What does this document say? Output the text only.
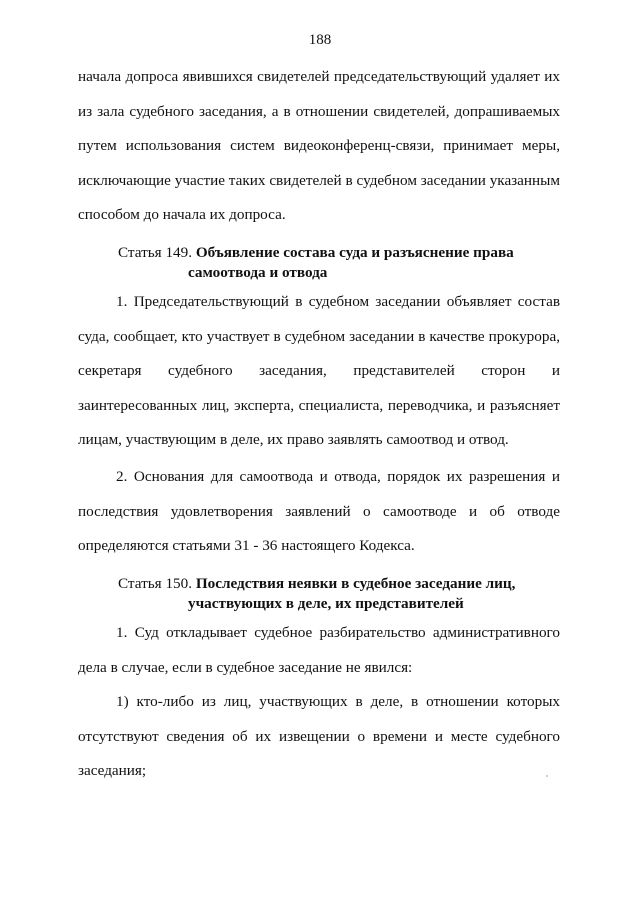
188
начала допроса явившихся свидетелей председательствующий удаляет их
из зала судебного заседания, а в отношении свидетелей, допрашиваемых
путем использования систем видеоконференц-связи, принимает меры,
исключающие участие таких свидетелей в судебном заседании указанным
способом до начала их допроса.
Статья 149. Объявление состава суда и разъяснение права
самоотвода и отвода
1. Председательствующий в судебном заседании объявляет состав
суда, сообщает, кто участвует в судебном заседании в качестве прокурора,
секретаря судебного заседания, представителей сторон и
заинтересованных лиц, эксперта, специалиста, переводчика, и разъясняет
лицам, участвующим в деле, их право заявлять самоотвод и отвод.
2. Основания для самоотвода и отвода, порядок их разрешения и
последствия удовлетворения заявлений о самоотводе и об отводе
определяются статьями 31 - 36 настоящего Кодекса.
Статья 150. Последствия неявки в судебное заседание лиц,
участвующих в деле, их представителей
1. Суд откладывает судебное разбирательство административного
дела в случае, если в судебное заседание не явился:
1) кто-либо из лиц, участвующих в деле, в отношении которых
отсутствуют сведения об их извещении о времени и месте судебного
заседания;
